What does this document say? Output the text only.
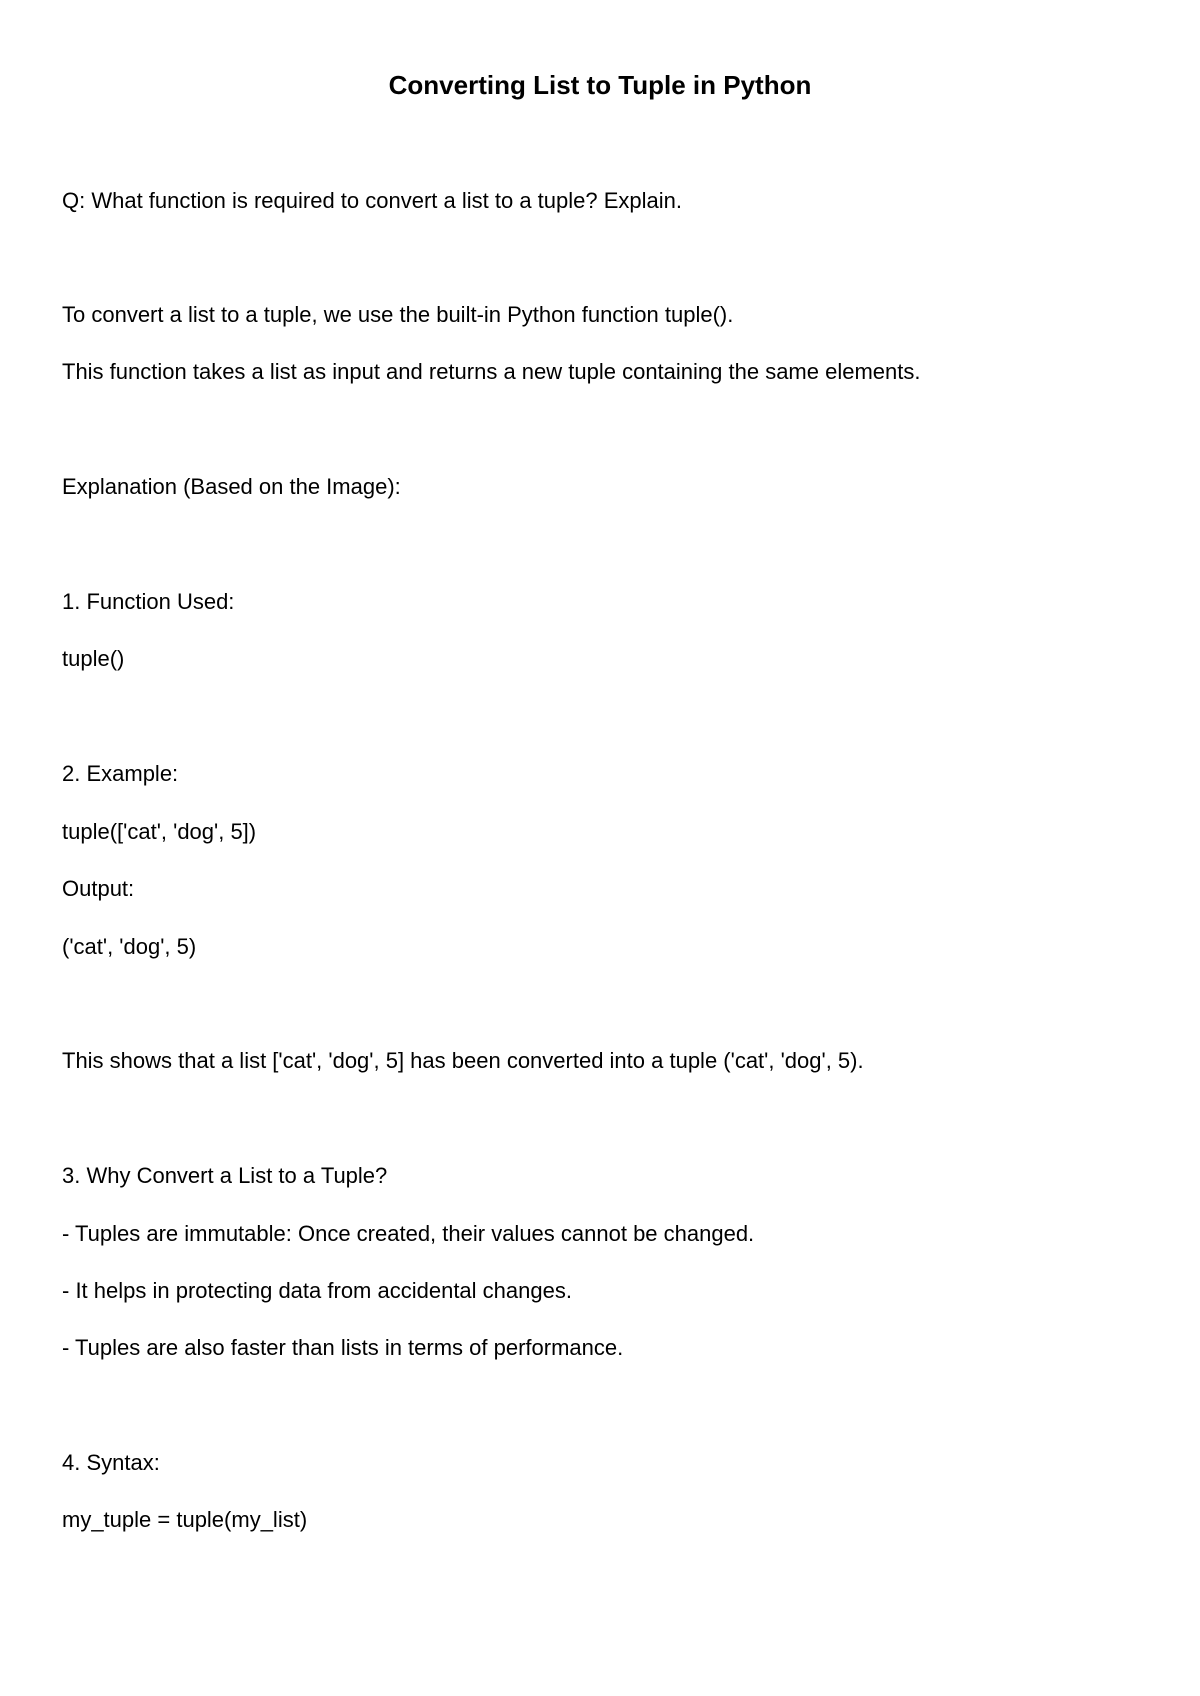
Converting List to Tuple in Python
Q: What function is required to convert a list to a tuple? Explain.
To convert a list to a tuple, we use the built-in Python function tuple().
This function takes a list as input and returns a new tuple containing the same elements.
Explanation (Based on the Image):
1. Function Used:
tuple()
2. Example:
tuple(['cat', 'dog', 5])
Output:
('cat', 'dog', 5)
This shows that a list ['cat', 'dog', 5] has been converted into a tuple ('cat', 'dog', 5).
3. Why Convert a List to a Tuple?
- Tuples are immutable: Once created, their values cannot be changed.
- It helps in protecting data from accidental changes.
- Tuples are also faster than lists in terms of performance.
4. Syntax:
my_tuple = tuple(my_list)
